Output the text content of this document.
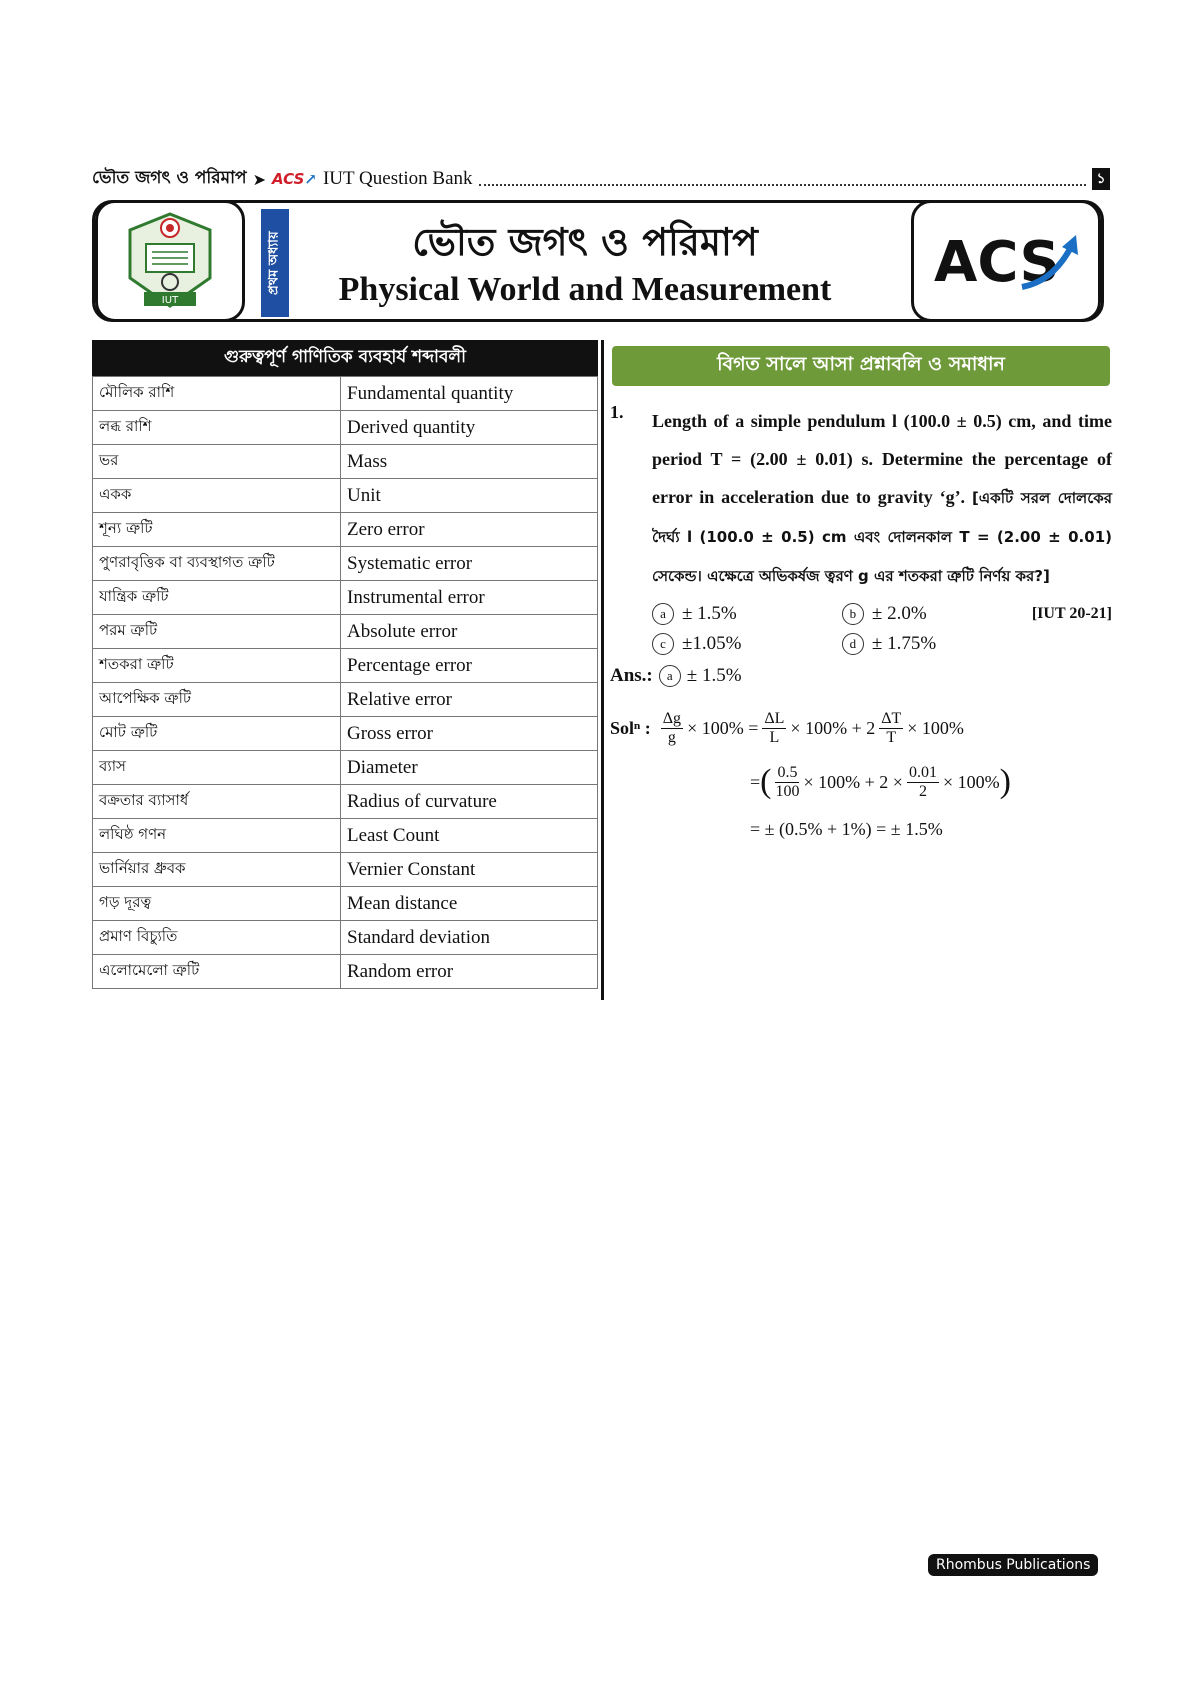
ভৌত জগৎ ও পরিমাপ ➤ ACS ↗ IUT Question Bank	১
IUT
প্রথম অধ্যায়	ভৌত জগৎ ও পরিমাপ
Physical World and Measurement	ACS
গুরুত্বপূর্ণ গাণিতিক ব্যবহার্য শব্দাবলী
মৌলিক রাশি	Fundamental quantity
লব্ধ রাশি	Derived quantity
ভর	Mass
একক	Unit
শূন্য ত্রুটি	Zero error
পুণরাবৃত্তিক বা ব্যবস্থাগত ত্রুটি	Systematic error
যান্ত্রিক ত্রুটি	Instrumental error
পরম ত্রুটি	Absolute error
শতকরা ত্রুটি	Percentage error
আপেক্ষিক ত্রুটি	Relative error
মোট ত্রুটি	Gross error
ব্যাস	Diameter
বক্রতার ব্যাসার্ধ	Radius of curvature
লঘিষ্ঠ গণন	Least Count
ভার্নিয়ার ধ্রুবক	Vernier Constant
গড় দূরত্ব	Mean distance
প্রমাণ বিচ্যুতি	Standard deviation
এলোমেলো ত্রুটি	Random error
বিগত সালে আসা প্রশ্নাবলি ও সমাধান
1. Length of a simple pendulum l (100.0 ± 0.5) cm, and time period T = (2.00 ± 0.01) s. Determine the percentage of error in acceleration due to gravity ‘g’. [একটি সরল দোলকের দৈর্ঘ্য l (100.0 ± 0.5) cm এবং দোলনকাল T = (2.00 ± 0.01) সেকেন্ড। এক্ষেত্রে অভিকর্ষজ ত্বরণ g এর শতকরা ত্রুটি নির্ণয় কর?]
[IUT 20-21]
a ± 1.5%	b ± 2.0%
c ±1.05%	d ± 1.75%
Ans.:	a ± 1.5%
Solⁿ : $\frac{\Delta g}{g} \times 100\% = \frac{\Delta L}{L} \times 100\% + 2 \frac{\Delta T}{T} \times 100\%$
= ( $\frac{0.5}{100} \times 100\% + 2 \times \frac{0.01}{2} \times 100\%$ )
= ± (0.5% + 1%) = ± 1.5%
Rhombus Publications
